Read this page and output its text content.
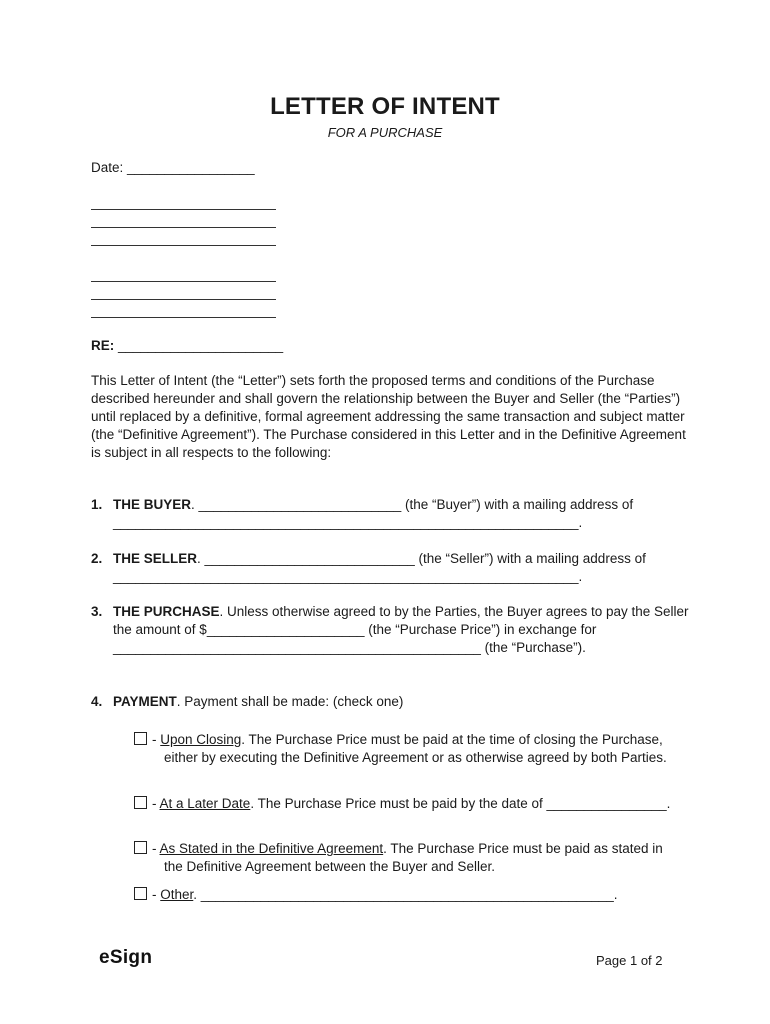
LETTER OF INTENT
FOR A PURCHASE
Date: _________________
RE: ______________________
This Letter of Intent (the “Letter”) sets forth the proposed terms and conditions of the Purchase described hereunder and shall govern the relationship between the Buyer and Seller (the “Parties”) until replaced by a definitive, formal agreement addressing the same transaction and subject matter (the “Definitive Agreement”). The Purchase considered in this Letter and in the Definitive Agreement is subject in all respects to the following:
1. THE BUYER. ___________________________ (the “Buyer”) with a mailing address of ______________________________________________________________.
2. THE SELLER. ____________________________ (the “Seller”) with a mailing address of ______________________________________________________________.
3. THE PURCHASE. Unless otherwise agreed to by the Parties, the Buyer agrees to pay the Seller the amount of $_____________________ (the “Purchase Price”) in exchange for _________________________________________________ (the “Purchase”).
4. PAYMENT. Payment shall be made: (check one)
- Upon Closing. The Purchase Price must be paid at the time of closing the Purchase, either by executing the Definitive Agreement or as otherwise agreed by both Parties.
- At a Later Date. The Purchase Price must be paid by the date of ________________.
- As Stated in the Definitive Agreement. The Purchase Price must be paid as stated in the Definitive Agreement between the Buyer and Seller.
- Other. _______________________________________________________.
eSign	Page 1 of 2
